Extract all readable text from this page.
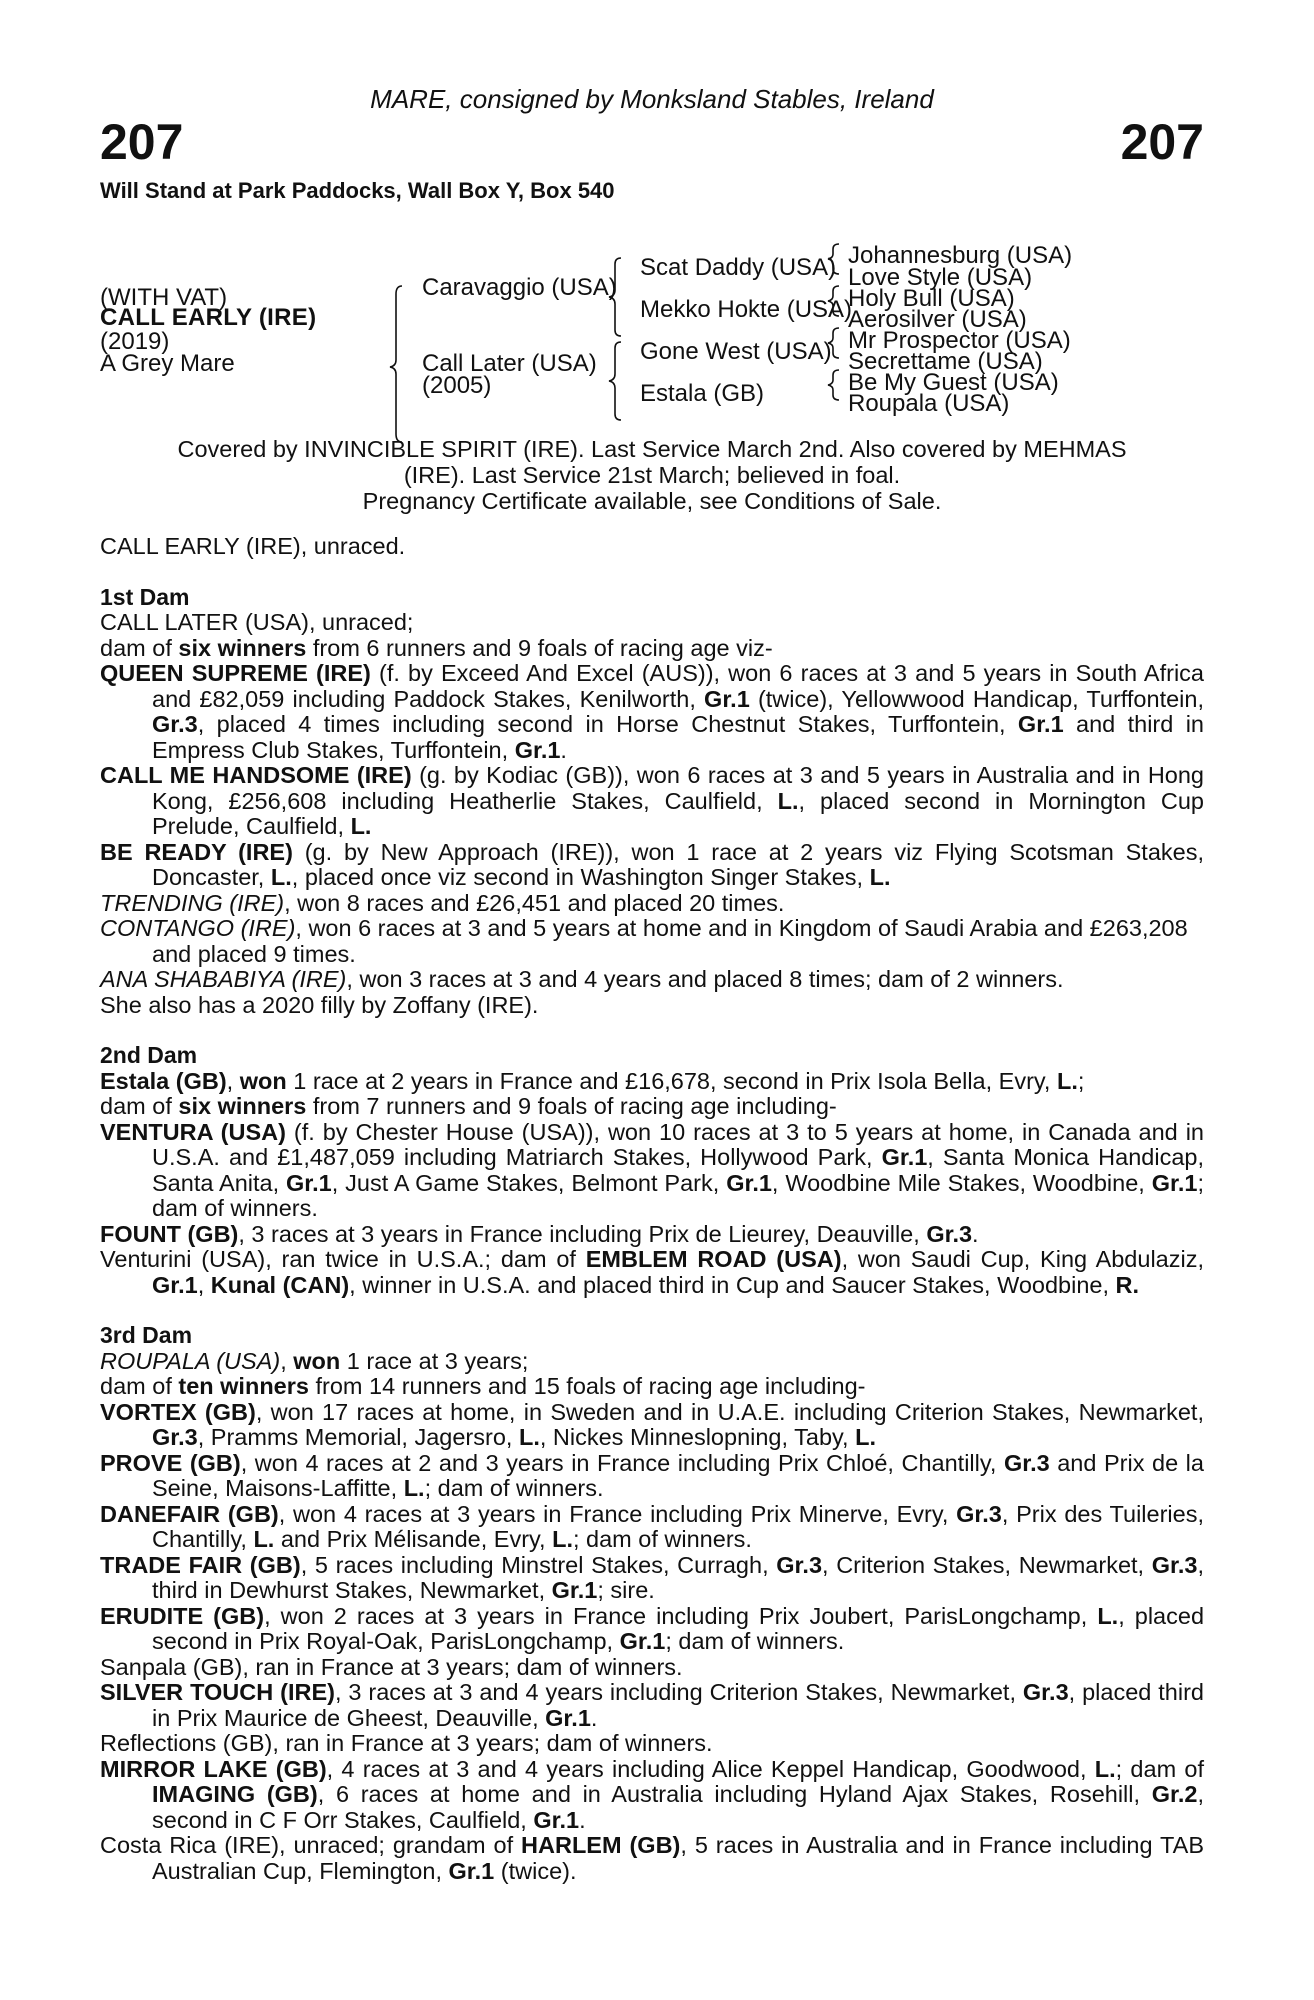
MARE, consigned by Monksland Stables, Ireland
207	207
Will Stand at Park Paddocks, Wall Box Y, Box 540
(WITH VAT)
CALL EARLY (IRE)
(2019)
A Grey Mare
Caravaggio (USA)
Call Later (USA)
(2005)
Scat Daddy (USA)
Mekko Hokte (USA)
Gone West (USA)
Estala (GB)
Johannesburg (USA)
Love Style (USA)
Holy Bull (USA)
Aerosilver (USA)
Mr Prospector (USA)
Secrettame (USA)
Be My Guest (USA)
Roupala (USA)
Covered by INVINCIBLE SPIRIT (IRE). Last Service March 2nd. Also covered by MEHMAS
(IRE). Last Service 21st March; believed in foal.
Pregnancy Certificate available, see Conditions of Sale.

CALL EARLY (IRE), unraced.

1st Dam

CALL LATER (USA), unraced;

dam of six winners from 6 runners and 9 foals of racing age viz-

QUEEN SUPREME (IRE) (f. by Exceed And Excel (AUS)), won 6 races at 3 and 5 years in South Africa and £82,059 including Paddock Stakes, Kenilworth, Gr.1 (twice), Yellowwood Handicap, Turffontein, Gr.3, placed 4 times including second in Horse Chestnut Stakes, Turffontein, Gr.1 and third in Empress Club Stakes, Turffontein, Gr.1.

CALL ME HANDSOME (IRE) (g. by Kodiac (GB)), won 6 races at 3 and 5 years in Australia and in Hong Kong, £256,608 including Heatherlie Stakes, Caulfield, L., placed second in Mornington Cup Prelude, Caulfield, L.

BE READY (IRE) (g. by New Approach (IRE)), won 1 race at 2 years viz Flying Scotsman Stakes, Doncaster, L., placed once viz second in Washington Singer Stakes, L.

TRENDING (IRE), won 8 races and £26,451 and placed 20 times.

CONTANGO (IRE), won 6 races at 3 and 5 years at home and in Kingdom of Saudi Arabia and £263,208 and placed 9 times.

ANA SHABABIYA (IRE), won 3 races at 3 and 4 years and placed 8 times; dam of 2 winners.

She also has a 2020 filly by Zoffany (IRE).

2nd Dam

Estala (GB), won 1 race at 2 years in France and £16,678, second in Prix Isola Bella, Evry, L.;

dam of six winners from 7 runners and 9 foals of racing age including-

VENTURA (USA) (f. by Chester House (USA)), won 10 races at 3 to 5 years at home, in Canada and in U.S.A. and £1,487,059 including Matriarch Stakes, Hollywood Park, Gr.1, Santa Monica Handicap, Santa Anita, Gr.1, Just A Game Stakes, Belmont Park, Gr.1, Woodbine Mile Stakes, Woodbine, Gr.1; dam of winners.

FOUNT (GB), 3 races at 3 years in France including Prix de Lieurey, Deauville, Gr.3.

Venturini (USA), ran twice in U.S.A.; dam of EMBLEM ROAD (USA), won Saudi Cup, King Abdulaziz, Gr.1, Kunal (CAN), winner in U.S.A. and placed third in Cup and Saucer Stakes, Woodbine, R.

3rd Dam

ROUPALA (USA), won 1 race at 3 years;

dam of ten winners from 14 runners and 15 foals of racing age including-

VORTEX (GB), won 17 races at home, in Sweden and in U.A.E. including Criterion Stakes, Newmarket, Gr.3, Pramms Memorial, Jagersro, L., Nickes Minneslopning, Taby, L.

PROVE (GB), won 4 races at 2 and 3 years in France including Prix Chloé, Chantilly, Gr.3 and Prix de la Seine, Maisons-Laffitte, L.; dam of winners.

DANEFAIR (GB), won 4 races at 3 years in France including Prix Minerve, Evry, Gr.3, Prix des Tuileries, Chantilly, L. and Prix Mélisande, Evry, L.; dam of winners.

TRADE FAIR (GB), 5 races including Minstrel Stakes, Curragh, Gr.3, Criterion Stakes, Newmarket, Gr.3, third in Dewhurst Stakes, Newmarket, Gr.1; sire.

ERUDITE (GB), won 2 races at 3 years in France including Prix Joubert, ParisLongchamp, L., placed second in Prix Royal-Oak, ParisLongchamp, Gr.1; dam of winners.

Sanpala (GB), ran in France at 3 years; dam of winners.

SILVER TOUCH (IRE), 3 races at 3 and 4 years including Criterion Stakes, Newmarket, Gr.3, placed third in Prix Maurice de Gheest, Deauville, Gr.1.

Reflections (GB), ran in France at 3 years; dam of winners.

MIRROR LAKE (GB), 4 races at 3 and 4 years including Alice Keppel Handicap, Goodwood, L.; dam of IMAGING (GB), 6 races at home and in Australia including Hyland Ajax Stakes, Rosehill, Gr.2, second in C F Orr Stakes, Caulfield, Gr.1.

Costa Rica (IRE), unraced; grandam of HARLEM (GB), 5 races in Australia and in France including TAB Australian Cup, Flemington, Gr.1 (twice).
